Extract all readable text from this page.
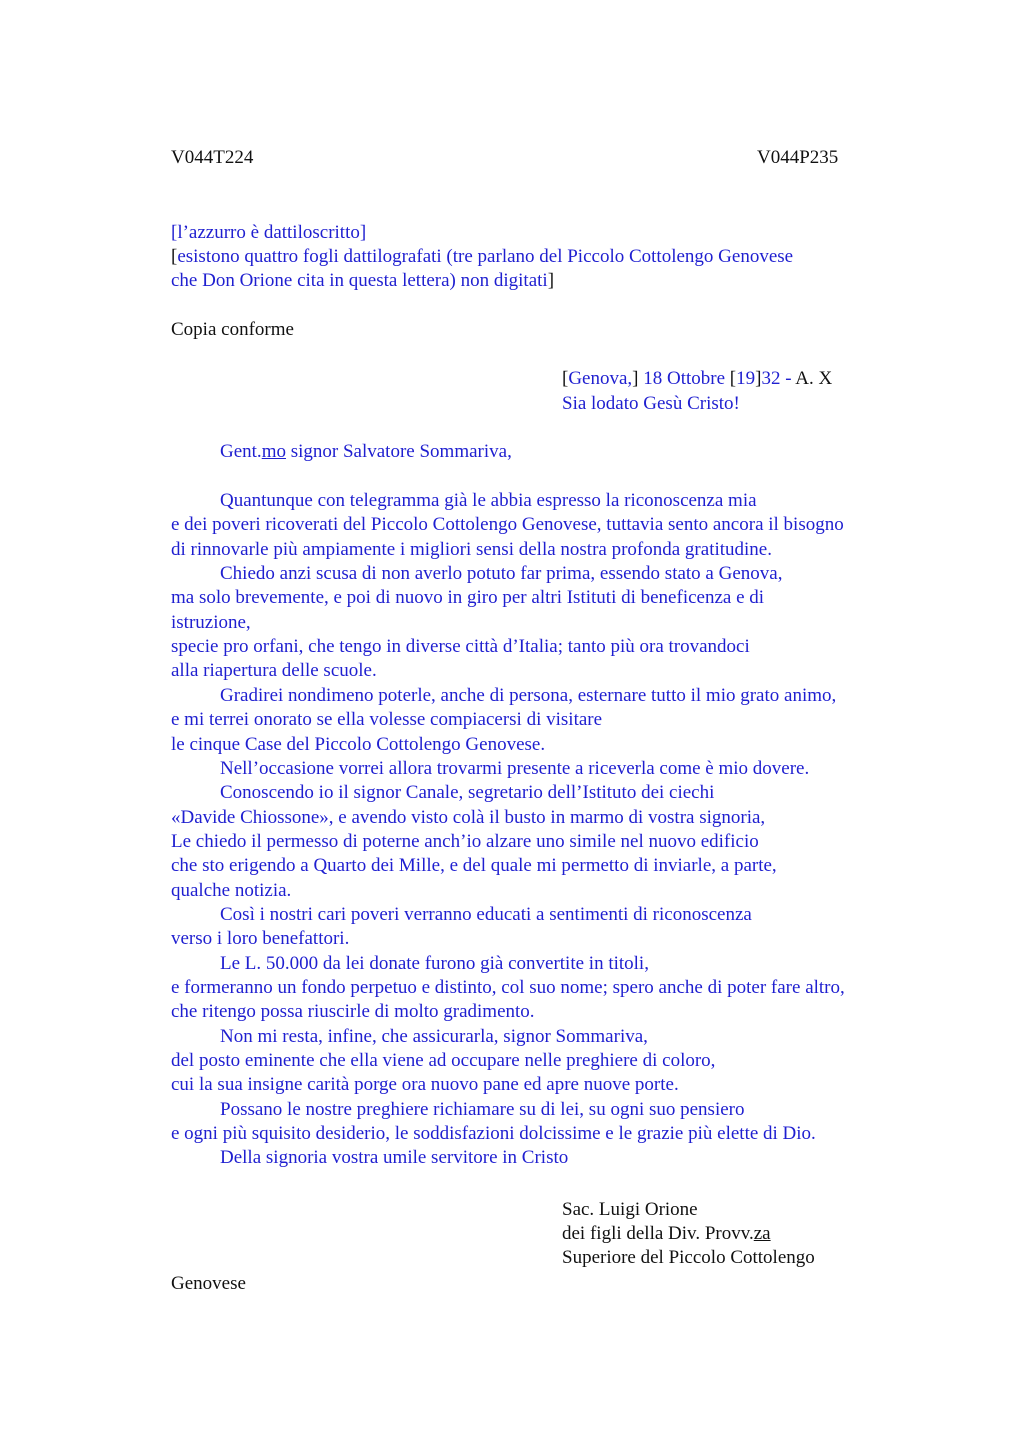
V044T224	V044P235
[l’azzurro è dattiloscritto]
[esistono quattro fogli dattilografati (tre parlano del Piccolo Cottolengo Genovese
che Don Orione cita in questa lettera) non digitati]
Copia conforme
[Genova,] 18 Ottobre [19]32 - A. X
Sia lodato Gesù Cristo!
Gent.mo signor Salvatore Sommariva,
Quantunque con telegramma già le abbia espresso la riconoscenza mia
e dei poveri ricoverati del Piccolo Cottolengo Genovese, tuttavia sento ancora il bisogno
di rinnovarle più ampiamente i migliori sensi della nostra profonda gratitudine.
Chiedo anzi scusa di non averlo potuto far prima, essendo stato a Genova,
ma solo brevemente, e poi di nuovo in giro per altri Istituti di beneficenza e di
istruzione,
specie pro orfani, che tengo in diverse città d’Italia; tanto più ora trovandoci
alla riapertura delle scuole.
Gradirei nondimeno poterle, anche di persona, esternare tutto il mio grato animo,
e mi terrei onorato se ella volesse compiacersi di visitare
le cinque Case del Piccolo Cottolengo Genovese.
Nell’occasione vorrei allora trovarmi presente a riceverla come è mio dovere.
Conoscendo io il signor Canale, segretario dell’Istituto dei ciechi
«Davide Chiossone», e avendo visto colà il busto in marmo di vostra signoria,
Le chiedo il permesso di poterne anch’io alzare uno simile nel nuovo edificio
che sto erigendo a Quarto dei Mille, e del quale mi permetto di inviarle, a parte,
qualche notizia.
Così i nostri cari poveri verranno educati a sentimenti di riconoscenza
verso i loro benefattori.
Le L. 50.000 da lei donate furono già convertite in titoli,
e formeranno un fondo perpetuo e distinto, col suo nome; spero anche di poter fare altro,
che ritengo possa riuscirle di molto gradimento.
Non mi resta, infine, che assicurarla, signor Sommariva,
del posto eminente che ella viene ad occupare nelle preghiere di coloro,
cui la sua insigne carità porge ora nuovo pane ed apre nuove porte.
Possano le nostre preghiere richiamare su di lei, su ogni suo pensiero
e ogni più squisito desiderio, le soddisfazioni dolcissime e le grazie più elette di Dio.
Della signoria vostra umile servitore in Cristo
Sac. Luigi Orione
dei figli della Div. Provv.za
Superiore del Piccolo Cottolengo
Genovese
